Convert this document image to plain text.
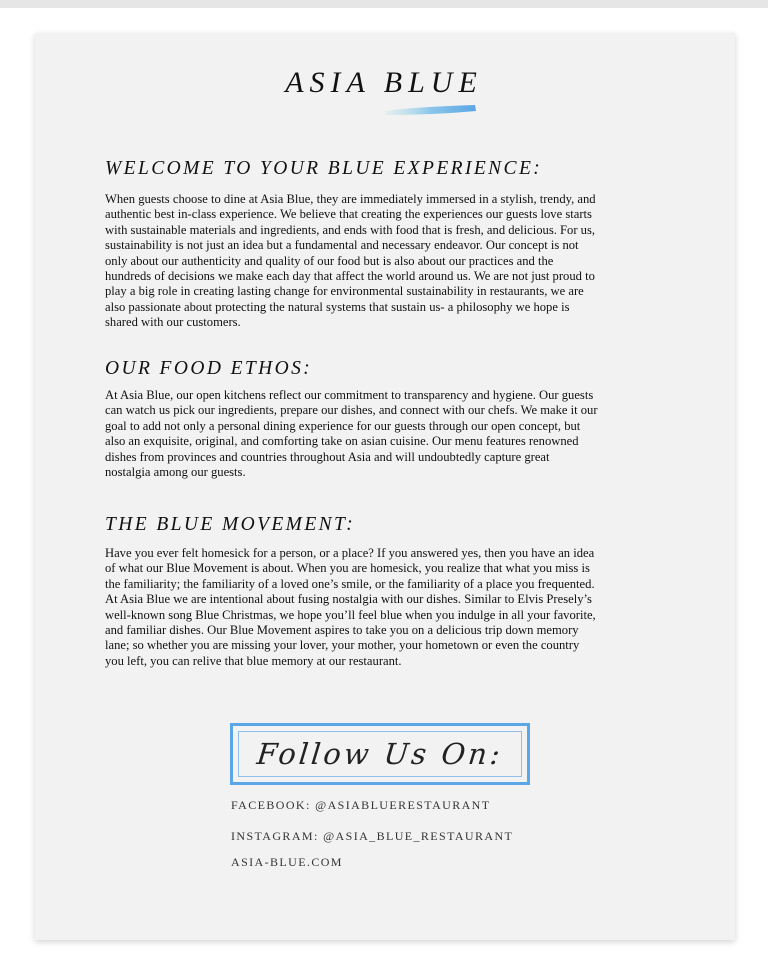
ASIA BLUE
WELCOME TO YOUR BLUE EXPERIENCE:
When guests choose to dine at Asia Blue, they are immediately immersed in a stylish, trendy, and
authentic best in-class experience. We believe that creating the experiences our guests love starts
with sustainable materials and ingredients, and ends with food that is fresh, and delicious. For us,
sustainability is not just an idea but a fundamental and necessary endeavor. Our concept is not
only about our authenticity and quality of our food but is also about our practices and the
hundreds of decisions we make each day that affect the world around us. We are not just proud to
play a big role in creating lasting change for environmental sustainability in restaurants, we are
also passionate about protecting the natural systems that sustain us- a philosophy we hope is
shared with our customers.
OUR FOOD ETHOS:
At Asia Blue, our open kitchens reflect our commitment to transparency and hygiene. Our guests
can watch us pick our ingredients, prepare our dishes, and connect with our chefs. We make it our
goal to add not only a personal dining experience for our guests through our open concept, but
also an exquisite, original, and comforting take on asian cuisine. Our menu features renowned
dishes from provinces and countries throughout Asia and will undoubtedly capture great
nostalgia among our guests.
THE BLUE MOVEMENT:
Have you ever felt homesick for a person, or a place? If you answered yes, then you have an idea
of what our Blue Movement is about. When you are homesick, you realize that what you miss is
the familiarity; the familiarity of a loved one’s smile, or the familiarity of a place you frequented.
At Asia Blue we are intentional about fusing nostalgia with our dishes. Similar to Elvis Presely’s
well-known song Blue Christmas, we hope you’ll feel blue when you indulge in all your favorite,
and familiar dishes. Our Blue Movement aspires to take you on a delicious trip down memory
lane; so whether you are missing your lover, your mother, your hometown or even the country
you left, you can relive that blue memory at our restaurant.
Follow Us On:
FACEBOOK: @ASIABLUERESTAURANT
INSTAGRAM: @ASIA_BLUE_RESTAURANT
ASIA-BLUE.COM
